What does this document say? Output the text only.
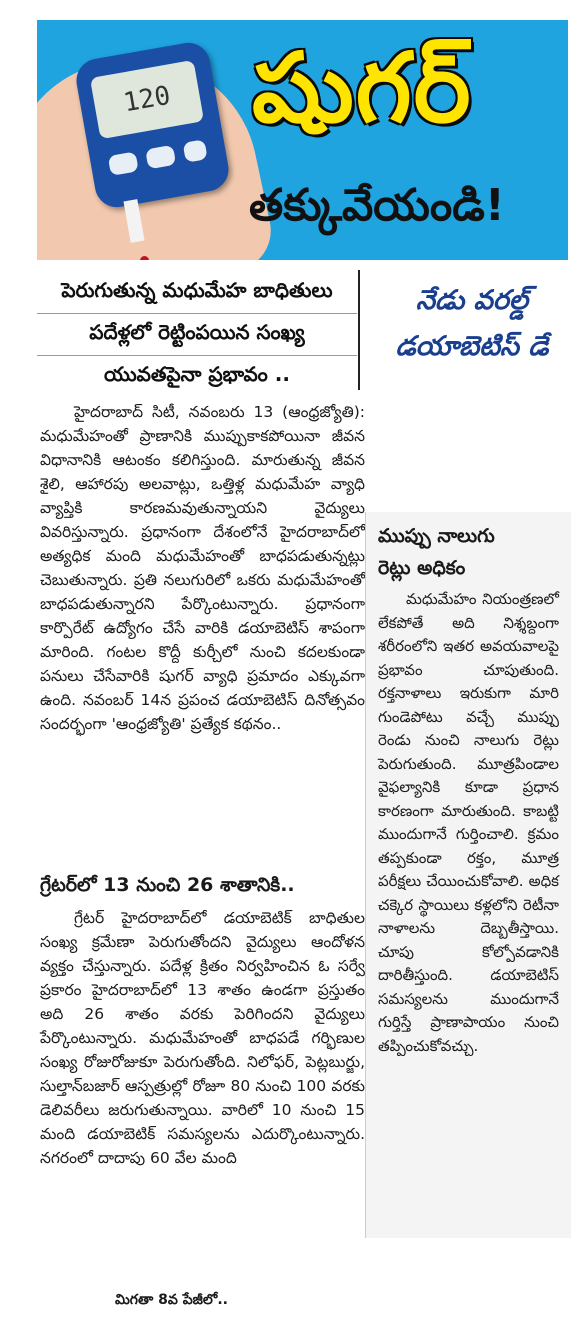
120 షుగర్
తక్కువేయండి!
పెరుగుతున్న మధుమేహ బాధితులు
పదేళ్లలో రెట్టింపయిన సంఖ్య
యువతపైనా ప్రభావం ..
నేడు వరల్డ్
డయాబెటిస్ డే

హైదరాబాద్ సిటీ, నవంబరు 13 (ఆంధ్రజ్యోతి): మధుమేహంతో ప్రాణానికి ముప్పుకాకపోయినా జీవన విధానానికి ఆటంకం కలిగిస్తుంది. మారుతున్న జీవన శైలి, ఆహారపు అలవాట్లు, ఒత్తిళ్ల మధుమేహ వ్యాధి వ్యాప్తికి కారణమవుతున్నాయని వైద్యులు వివరిస్తున్నారు. ప్రధానంగా దేశంలోనే హైదరాబాద్‌లో అత్యధిక మంది మధుమేహంతో బాధపడుతున్నట్లు చెబుతున్నారు. ప్రతి నలుగురిలో ఒకరు మధుమేహంతో బాధపడుతున్నారని పేర్కొంటున్నారు. ప్రధానంగా కార్పొరేట్ ఉద్యోగం చేసే వారికి డయాబెటిస్ శాపంగా మారింది. గంటల కొద్దీ కుర్చీలో నుంచి కదలకుండా పనులు చేసేవారికి షుగర్ వ్యాధి ప్రమాదం ఎక్కువగా ఉంది. నవంబర్ 14న ప్రపంచ డయాబెటిస్ దినోత్సవం సందర్భంగా 'ఆంధ్రజ్యోతి' ప్రత్యేక కథనం..

గ్రేటర్‌లో 13 నుంచి 26 శాతానికి..

గ్రేటర్ హైదరాబాద్‌లో డయాబెటిక్ బాధితుల సంఖ్య క్రమేణా పెరుగుతోందని వైద్యులు ఆందోళన వ్యక్తం చేస్తున్నారు. పదేళ్ల క్రితం నిర్వహించిన ఓ సర్వే ప్రకారం హైదరాబాద్‌లో 13 శాతం ఉండగా ప్రస్తుతం అది 26 శాతం వరకు పెరిగిందని వైద్యులు పేర్కొంటున్నారు. మధుమేహంతో బాధపడే గర్భిణుల సంఖ్య రోజురోజుకూ పెరుగుతోంది. నిలోఫర్, పెట్లబుర్జు, సుల్తాన్‌బజార్ ఆస్పత్రుల్లో రోజూ 80 నుంచి 100 వరకు డెలివరీలు జరుగుతున్నాయి. వారిలో 10 నుంచి 15 మంది డయాబెటిక్ సమస్యలను ఎదుర్కొంటున్నారు. నగరంలో దాదాపు 60 వేల మంది

మిగతా 8వ పేజీలో..
ముప్పు నాలుగు
రెట్లు అధికం
మధుమేహం నియంత్రణలో లేకపోతే అది నిశ్శబ్దంగా శరీరంలోని ఇతర అవయవాలపై ప్రభావం చూపుతుంది. రక్తనాళాలు ఇరుకుగా మారి గుండెపోటు వచ్చే ముప్పు రెండు నుంచి నాలుగు రెట్లు పెరుగుతుంది. మూత్రపిండాల వైఫల్యానికి కూడా ప్రధాన కారణంగా మారుతుంది. కాబట్టి ముందుగానే గుర్తించాలి. క్రమం తప్పకుండా రక్తం, మూత్ర పరీక్షలు చేయించుకోవాలి. అధిక చక్కెర స్థాయిలు కళ్లలోని రెటీనా నాళాలను దెబ్బతీస్తాయి. చూపు కోల్పోవడానికి దారితీస్తుంది. డయాబెటిస్ సమస్యలను ముందుగానే గుర్తిస్తే ప్రాణాపాయం నుంచి తప్పించుకోవచ్చు.
